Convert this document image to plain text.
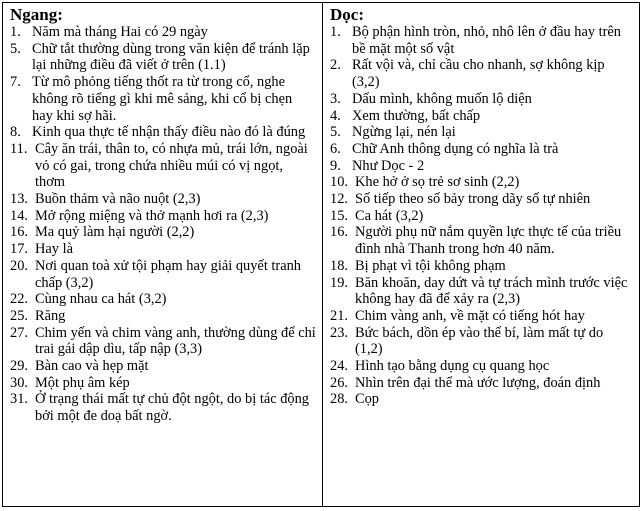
Ngang:
1. Năm mà tháng Hai có 29 ngày
5. Chữ tắt thường dùng trong văn kiện để tránh lặp lại những điều đã viết ở trên (1.1)
7. Từ mô phỏng tiếng thốt ra từ trong cổ, nghe không rõ tiếng gì khi mê sảng, khi cổ bị chẹn hay khi sợ hãi.
8. Kinh qua thực tế nhận thấy điều nào đó là đúng
11. Cây ăn trái, thân to, có nhựa mủ, trái lớn, ngoài vỏ có gai, trong chứa nhiều múi có vị ngọt, thơm
13. Buồn thảm và não nuột (2,3)
14. Mở rộng miệng và thở mạnh hơi ra (2,3)
16. Ma quỷ làm hại người (2,2)
17. Hay là
20. Nơi quan toà xử tội phạm hay giải quyết tranh chấp (3,2)
22. Cùng nhau ca hát (3,2)
25. Răng
27. Chim yến và chim vàng anh, thường dùng để chỉ trai gái dập dìu, tấp nập (3,3)
29. Bàn cao và hẹp mặt
30. Một phụ âm kép
31. Ở trạng thái mất tự chủ đột ngột, do bị tác động bởi một đe doạ bất ngờ.
Dọc:
1. Bộ phận hình tròn, nhỏ, nhô lên ở đầu hay trên bề mặt một số vật
2. Rất vội và, chỉ cầu cho nhanh, sợ không kịp (3,2)
3. Dấu mình, không muốn lộ diện
4. Xem thường, bất chấp
5. Ngừng lại, nén lại
6. Chữ Anh thông dụng có nghĩa là trà
9. Như Dọc - 2
10. Khe hở ở sọ trẻ sơ sinh (2,2)
12. Số tiếp theo số bảy trong dãy số tự nhiên
15. Ca hát (3,2)
16. Người phụ nữ nắm quyền lực thực tế của triều đình nhà Thanh trong hơn 40 năm.
18. Bị phạt vì tội không phạm
19. Băn khoăn, day dứt và tự trách mình trước việc không hay đã để xảy ra (2,3)
21. Chim vàng anh, về mặt có tiếng hót hay
23. Bức bách, dồn ép vào thế bí, làm mất tự do (1,2)
24. Hình tạo bằng dụng cụ quang học
26. Nhìn trên đại thể mà ước lượng, đoán định
28. Cọp
